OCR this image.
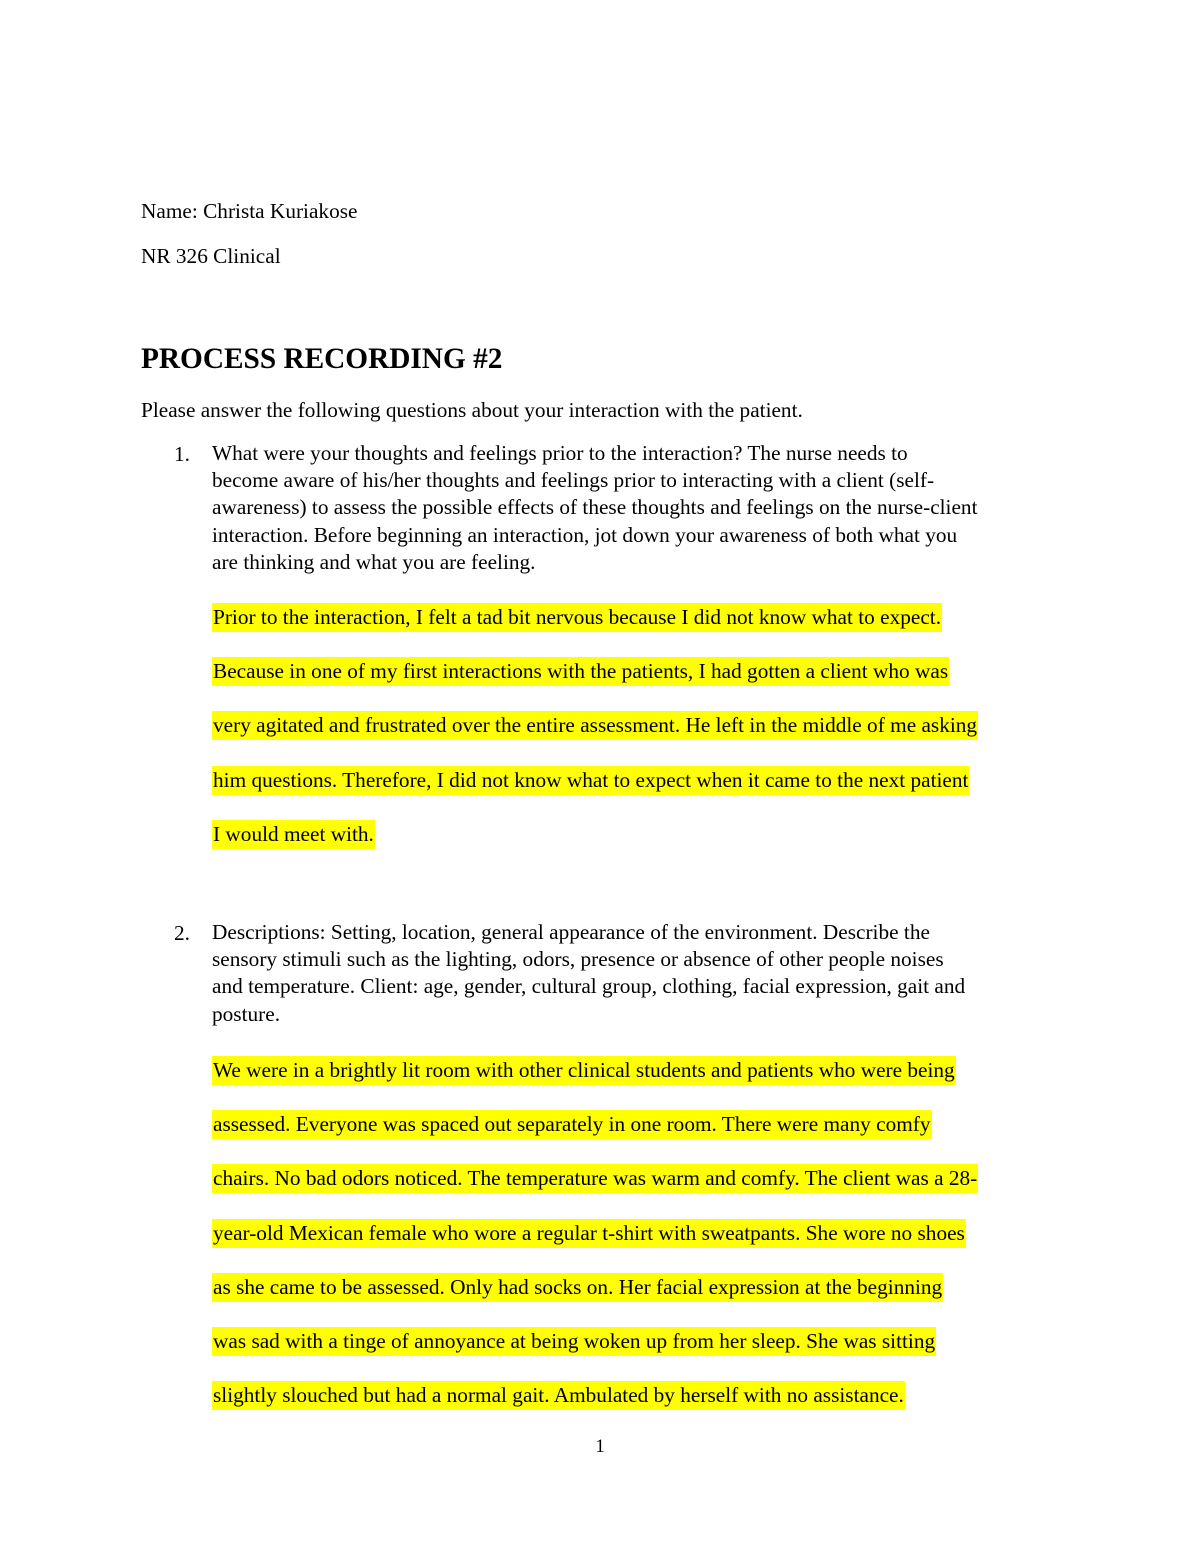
Name: Christa Kuriakose

NR 326 Clinical

PROCESS RECORDING #2

Please answer the following questions about your interaction with the patient.

1. What were your thoughts and feelings prior to the interaction? The nurse needs to
become aware of his/her thoughts and feelings prior to interacting with a client (self-
awareness) to assess the possible effects of these thoughts and feelings on the nurse-client
interaction. Before beginning an interaction, jot down your awareness of both what you
are thinking and what you are feeling.
Prior to the interaction, I felt a tad bit nervous because I did not know what to expect.
Because in one of my first interactions with the patients, I had gotten a client who was
very agitated and frustrated over the entire assessment. He left in the middle of me asking
him questions. Therefore, I did not know what to expect when it came to the next patient
I would meet with.

2. Descriptions: Setting, location, general appearance of the environment. Describe the
sensory stimuli such as the lighting, odors, presence or absence of other people noises
and temperature. Client: age, gender, cultural group, clothing, facial expression, gait and
posture.
We were in a brightly lit room with other clinical students and patients who were being
assessed. Everyone was spaced out separately in one room. There were many comfy
chairs. No bad odors noticed. The temperature was warm and comfy. The client was a 28-
year-old Mexican female who wore a regular t-shirt with sweatpants. She wore no shoes
as she came to be assessed. Only had socks on. Her facial expression at the beginning
was sad with a tinge of annoyance at being woken up from her sleep. She was sitting
slightly slouched but had a normal gait. Ambulated by herself with no assistance.

1
